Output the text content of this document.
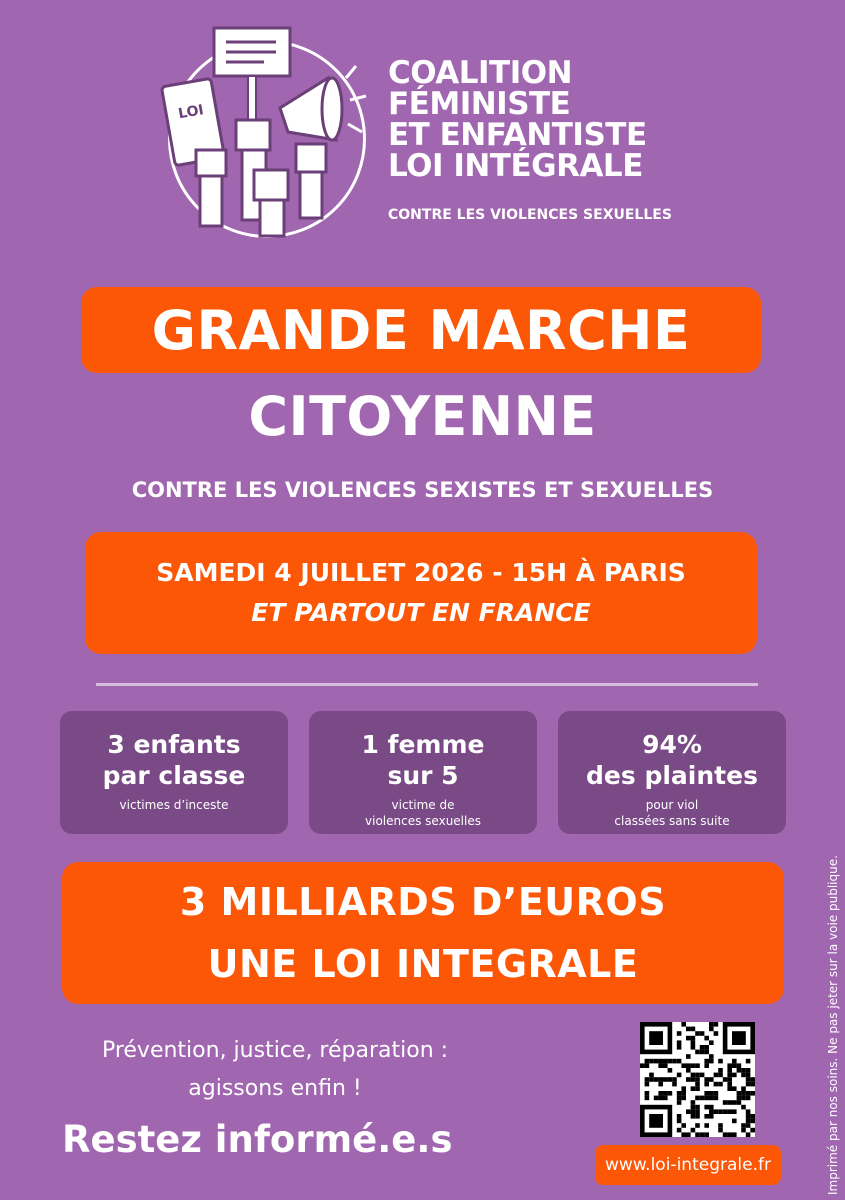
LOI
COALITION
FÉMINISTE
ET ENFANTISTE
LOI INTÉGRALE
CONTRE LES VIOLENCES SEXUELLES
GRANDE MARCHE
CITOYENNE
CONTRE LES VIOLENCES SEXISTES ET SEXUELLES
SAMEDI 4 JUILLET 2026 - 15H À PARIS
ET PARTOUT EN FRANCE
3 enfants
par classe
victimes d’inceste
1 femme
sur 5
victime de
violences sexuelles
94%
des plaintes
pour viol
classées sans suite
3 MILLIARDS D’EUROS
UNE LOI INTEGRALE
Prévention, justice, réparation :
agissons enfin !
Restez informé.e.s
www.loi-integrale.fr	Imprimé par nos soins. Ne pas jeter sur la voie publique.
